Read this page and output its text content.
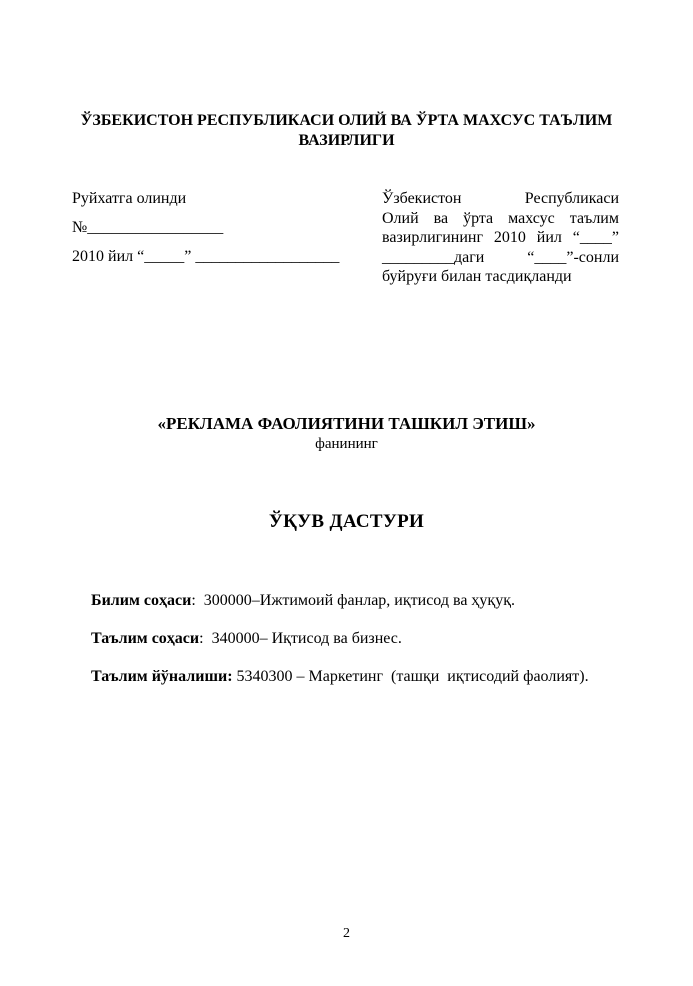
ЎЗБЕКИСТОН РЕСПУБЛИКАСИ ОЛИЙ ВА ЎРТА МАХСУС ТАЪЛИМ
ВАЗИРЛИГИ
Руйхатга олинди
№_________________
2010 йил “_____” __________________
Ўзбекистон Республикаси
Олий ва ўрта махсус таълим
вазирлигининг 2010 йил “____”
_________даги “____”-сонли
буйруғи билан тасдиқланди
«РЕКЛАМА ФАОЛИЯТИНИ ТАШКИЛ ЭТИШ»
фанининг
ЎҚУВ ДАСТУРИ
Билим соҳаси:  300000–Ижтимоий фанлар, иқтисод ва ҳуқуқ.
Таълим соҳаси:  340000– Иқтисод ва бизнес.
Таълим йўналиши: 5340300 – Маркетинг  (ташқи  иқтисодий фаолият).
2
